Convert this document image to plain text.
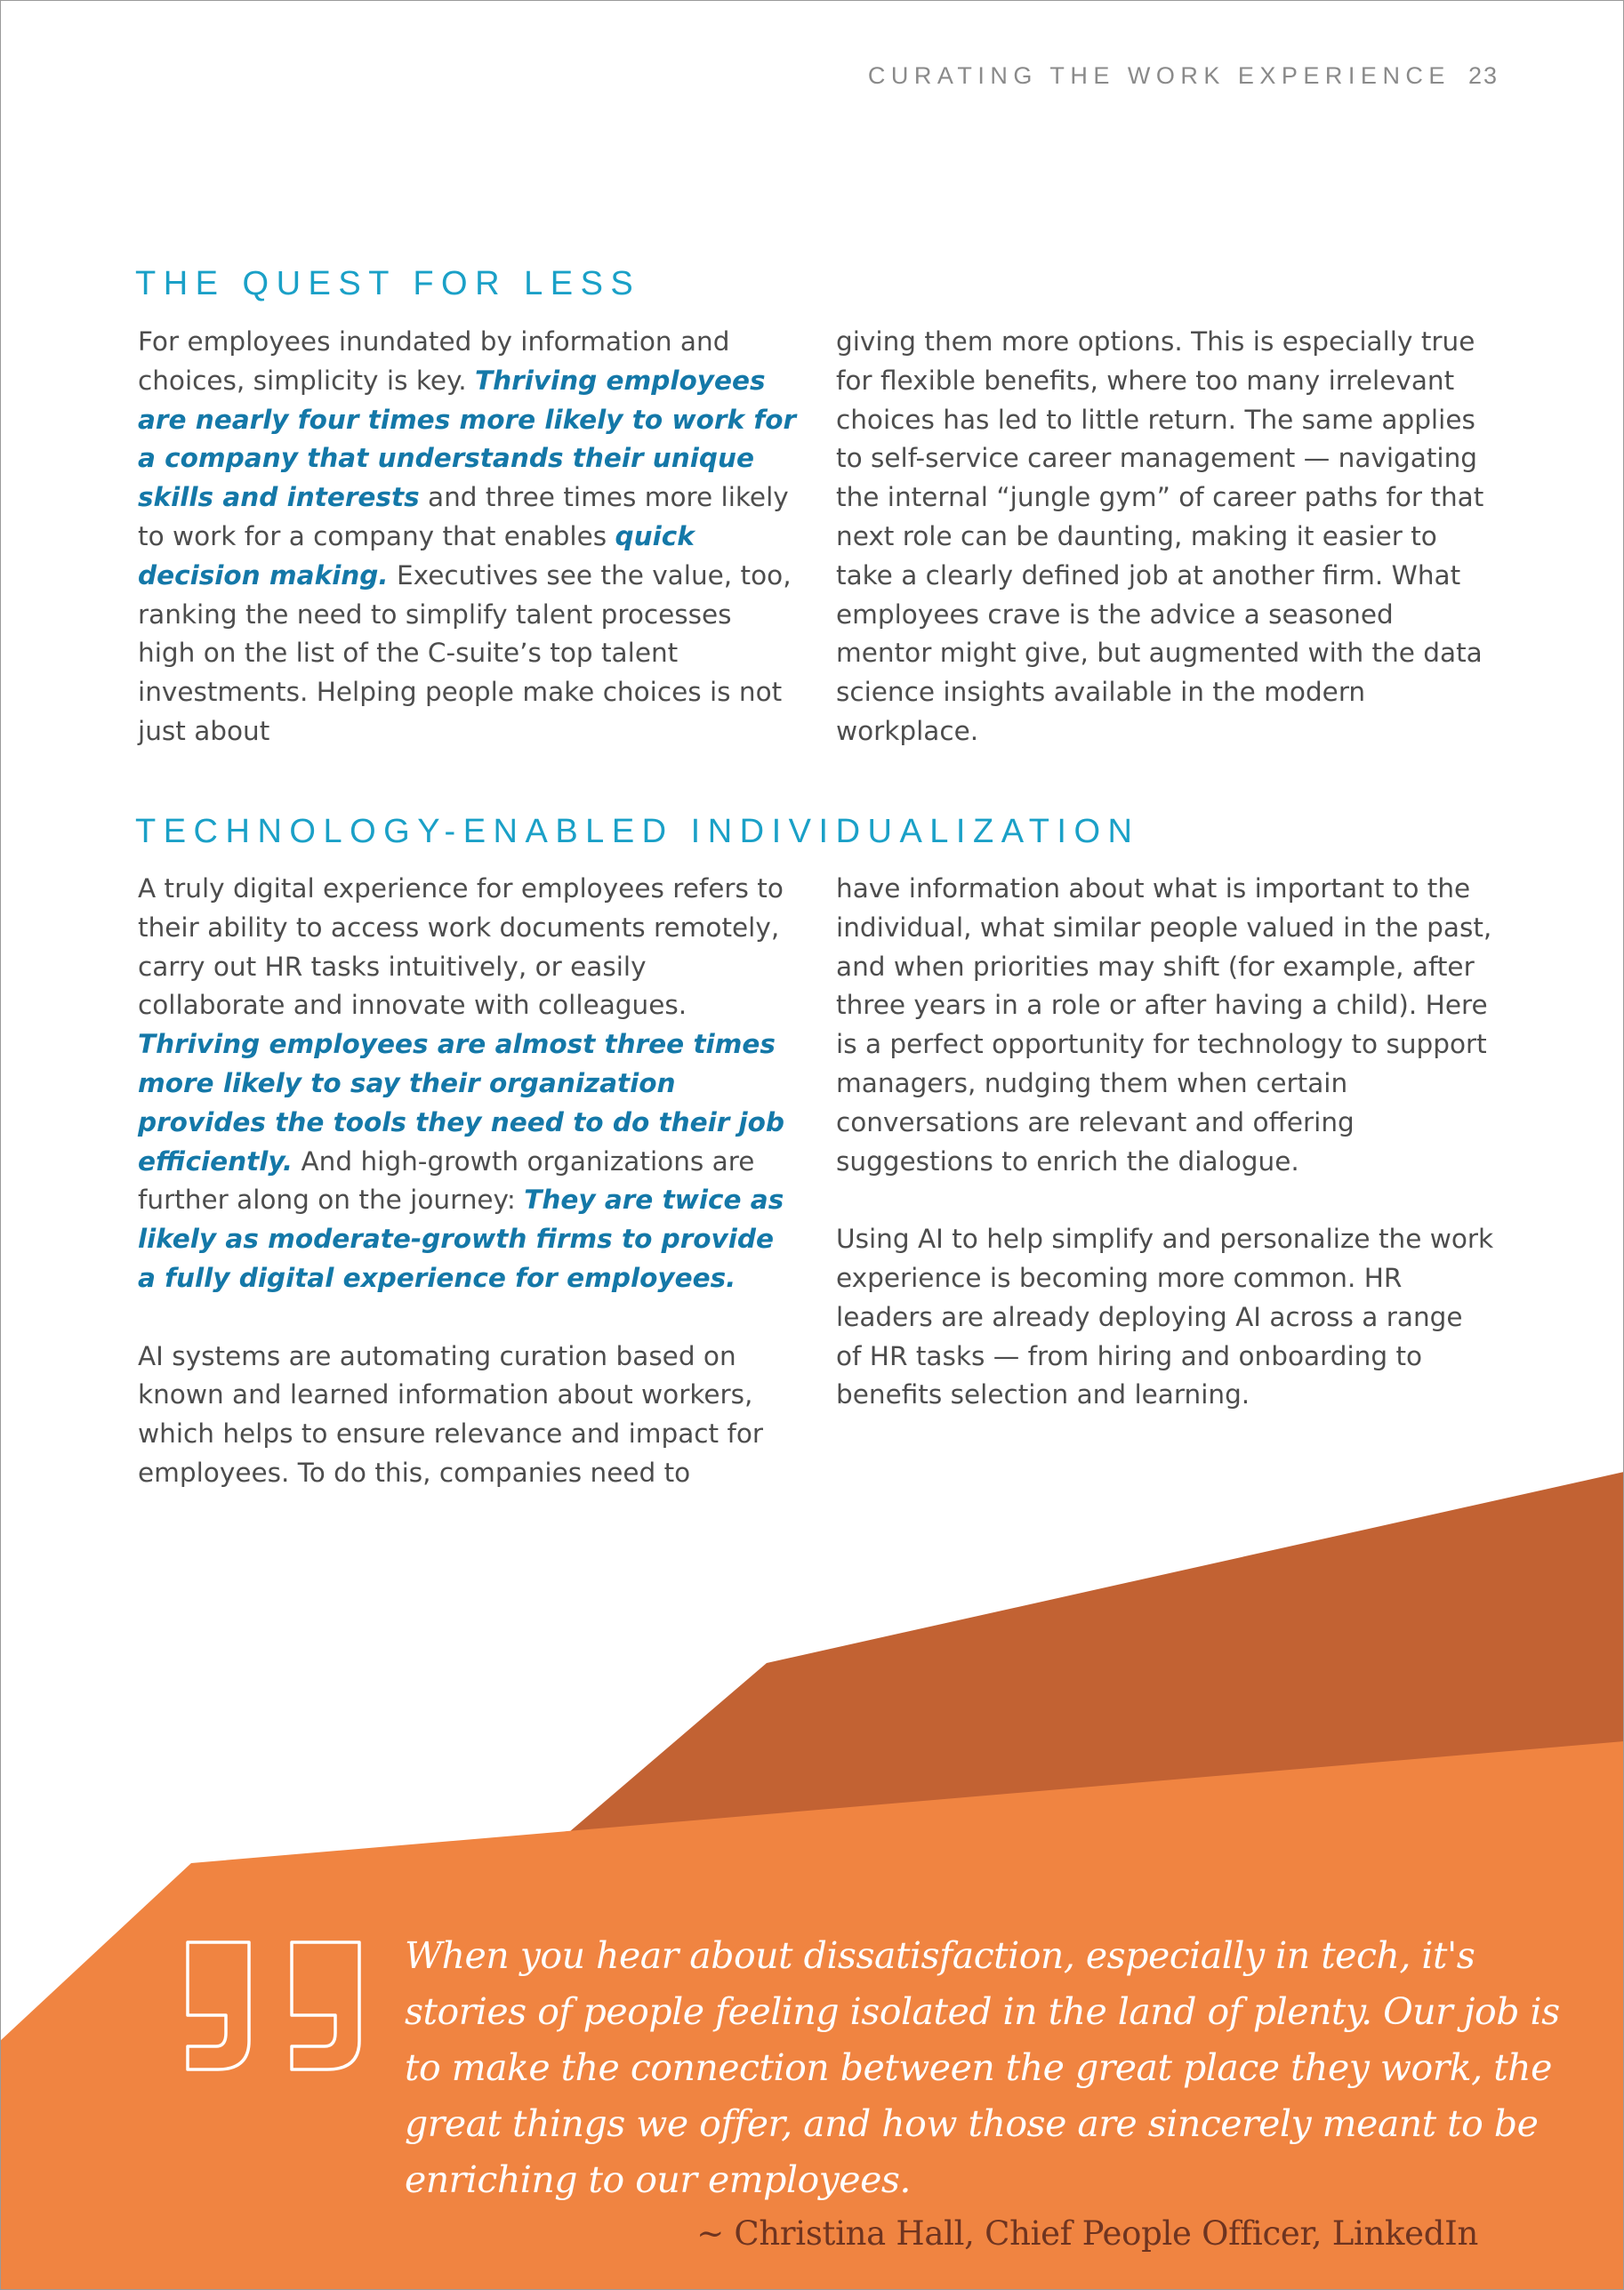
CURATING THE WORK EXPERIENCE 23
THE QUEST FOR LESS

For employees inundated by information and choices, simplicity is key. Thriving employees are nearly four times more likely to work for a company that understands their unique skills and interests and three times more likely to work for a company that enables quick decision making. Executives see the value, too, ranking the need to simplify talent processes high on the list of the C-suite’s top talent investments. Helping people make choices is not just about

giving them more options. This is especially true for flexible benefits, where too many irrelevant choices has led to little return. The same applies to self-service career management — navigating the internal “jungle gym” of career paths for that next role can be daunting, making it easier to take a clearly defined job at another firm. What employees crave is the advice a seasoned mentor might give, but augmented with the data science insights available in the modern workplace.

TECHNOLOGY-ENABLED INDIVIDUALIZATION

A truly digital experience for employees refers to their ability to access work documents remotely, carry out HR tasks intuitively, or easily collaborate and innovate with colleagues. Thriving employees are almost three times more likely to say their organization provides the tools they need to do their job efficiently. And high-growth organizations are further along on the journey: They are twice as likely as moderate-growth firms to provide a fully digital experience for employees.

AI systems are automating curation based on known and learned information about workers, which helps to ensure relevance and impact for employees. To do this, companies need to

have information about what is important to the individual, what similar people valued in the past, and when priorities may shift (for example, after three years in a role or after having a child). Here is a perfect opportunity for technology to support managers, nudging them when certain conversations are relevant and offering suggestions to enrich the dialogue.

Using AI to help simplify and personalize the work experience is becoming more common. HR leaders are already deploying AI across a range of HR tasks — from hiring and onboarding to benefits selection and learning.

When you hear about dissatisfaction, especially in tech, it's stories of people feeling isolated in the land of plenty. Our job is to make the connection between the great place they work, the great things we offer, and how those are sincerely meant to be enriching to our employees.
~ Christina Hall, Chief People Officer, LinkedIn
